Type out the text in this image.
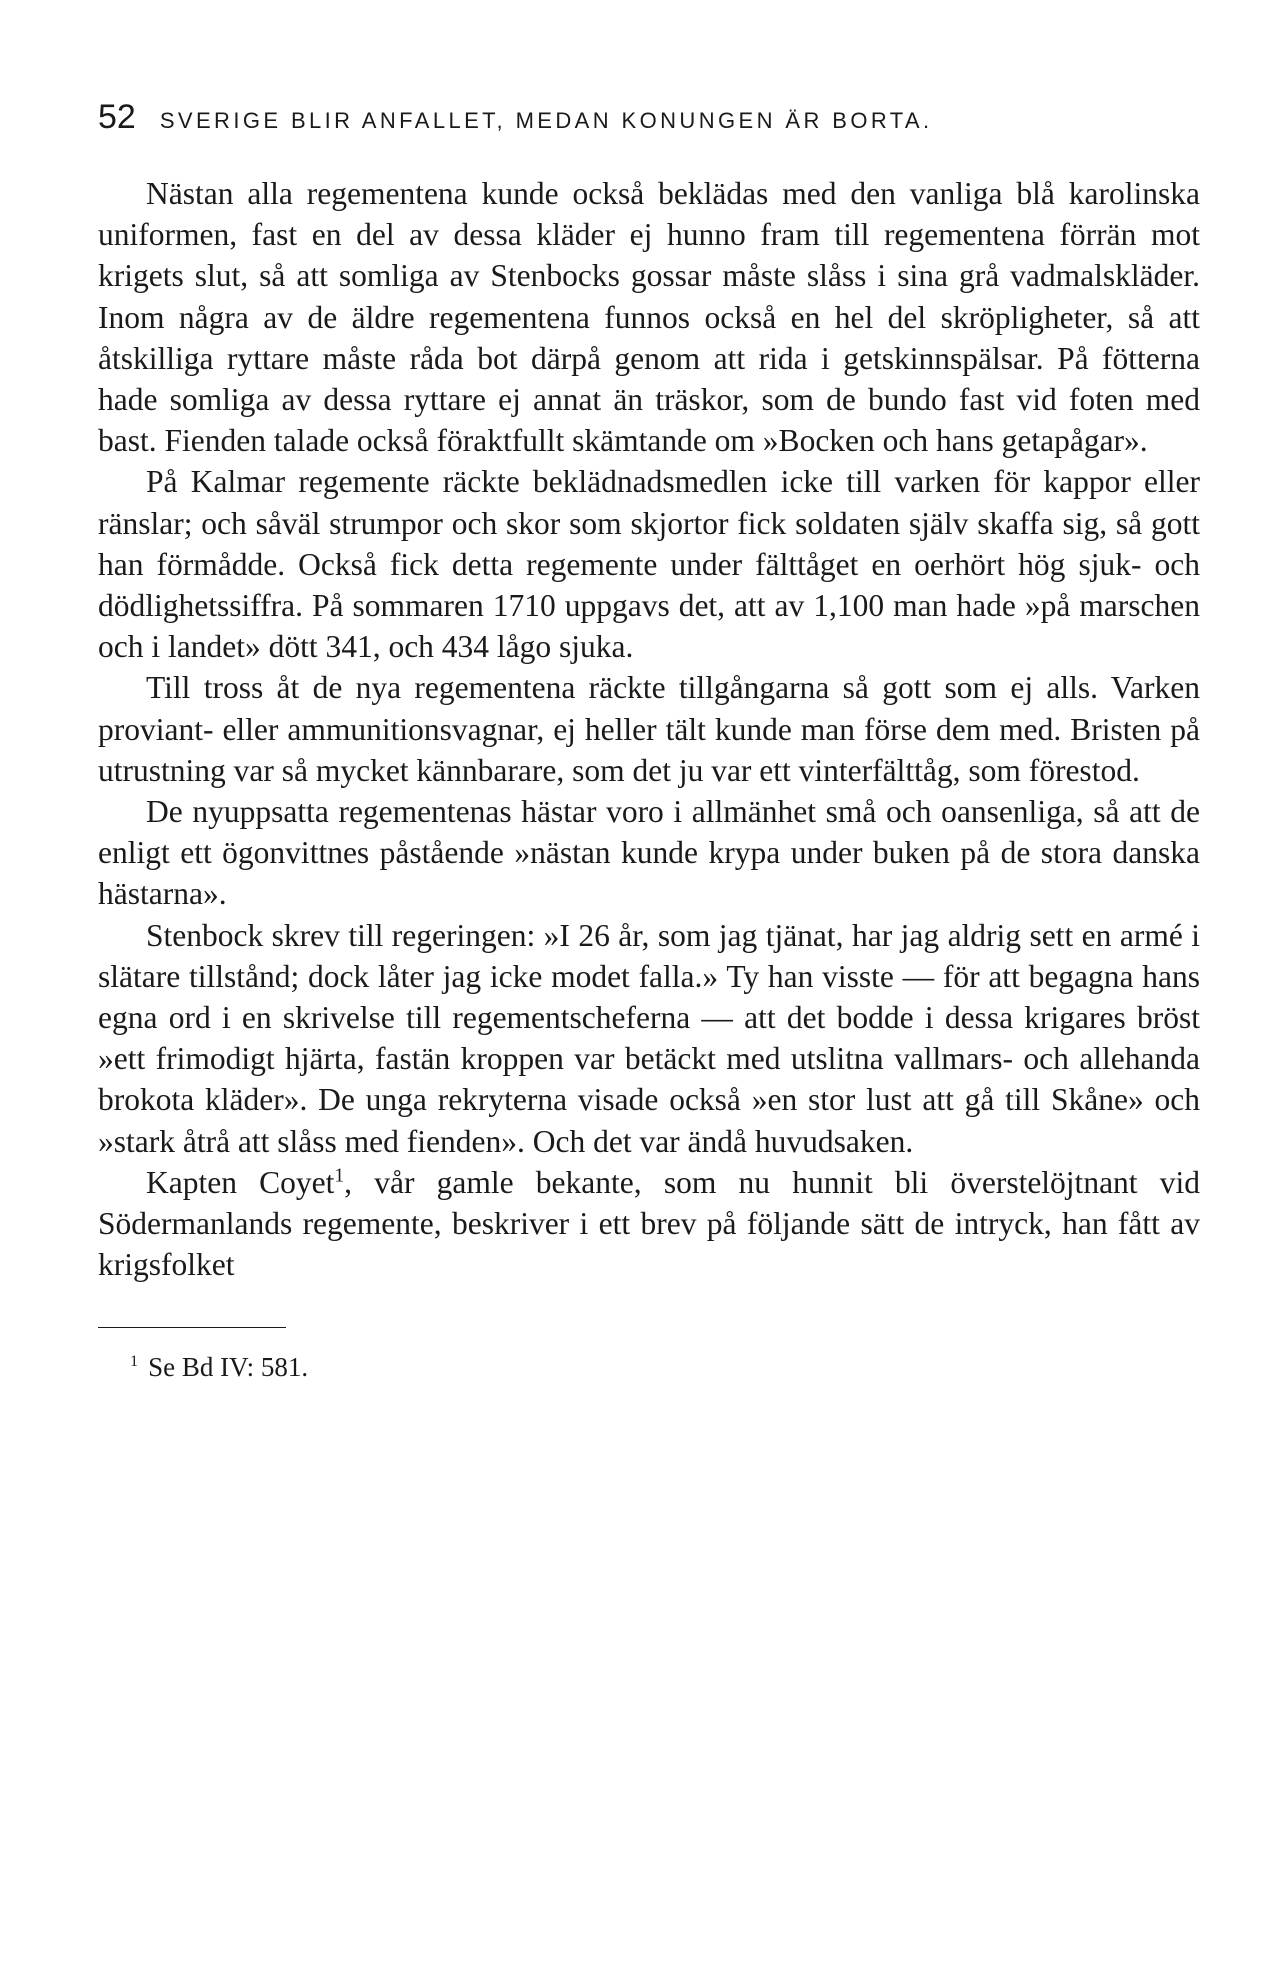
52 SVERIGE BLIR ANFALLET, MEDAN KONUNGEN ÄR BORTA.

Nästan alla regementena kunde också beklädas med den vanliga blå karolinska uniformen, fast en del av dessa kläder ej hunno fram till regementena förrän mot krigets slut, så att somliga av Stenbocks gossar måste slåss i sina grå vadmalskläder. Inom några av de äldre regementena funnos också en hel del skröpligheter, så att åtskilliga ryttare måste råda bot därpå genom att rida i getskinnspälsar. På fötterna hade somliga av dessa ryttare ej annat än träskor, som de bundo fast vid foten med bast. Fienden talade också föraktfullt skämtande om »Bocken och hans getapågar».

På Kalmar regemente räckte beklädnadsmedlen icke till varken för kappor eller ränslar; och såväl strumpor och skor som skjortor fick soldaten själv skaffa sig, så gott han förmådde. Också fick detta regemente under fälttåget en oerhört hög sjuk- och dödlighetssiffra. På sommaren 1710 uppgavs det, att av 1,100 man hade »på marschen och i landet» dött 341, och 434 lågo sjuka.

Till tross åt de nya regementena räckte tillgångarna så gott som ej alls. Varken proviant- eller ammunitionsvagnar, ej heller tält kunde man förse dem med. Bristen på utrustning var så mycket kännbarare, som det ju var ett vinterfälttåg, som förestod.

De nyuppsatta regementenas hästar voro i allmänhet små och oansenliga, så att de enligt ett ögonvittnes påstående »nästan kunde krypa under buken på de stora danska hästarna».

Stenbock skrev till regeringen: »I 26 år, som jag tjänat, har jag aldrig sett en armé i slätare tillstånd; dock låter jag icke modet falla.» Ty han visste — för att begagna hans egna ord i en skrivelse till regementscheferna — att det bodde i dessa krigares bröst »ett frimodigt hjärta, fastän kroppen var betäckt med utslitna vallmars- och allehanda brokota kläder». De unga rekryterna visade också »en stor lust att gå till Skåne» och »stark åtrå att slåss med fienden». Och det var ändå huvudsaken.

Kapten Coyet$^1$, vår gamle bekante, som nu hunnit bli överstelöjtnant vid Södermanlands regemente, beskriver i ett brev på följande sätt de intryck, han fått av krigsfolket

$^1$ Se Bd IV: 581.
